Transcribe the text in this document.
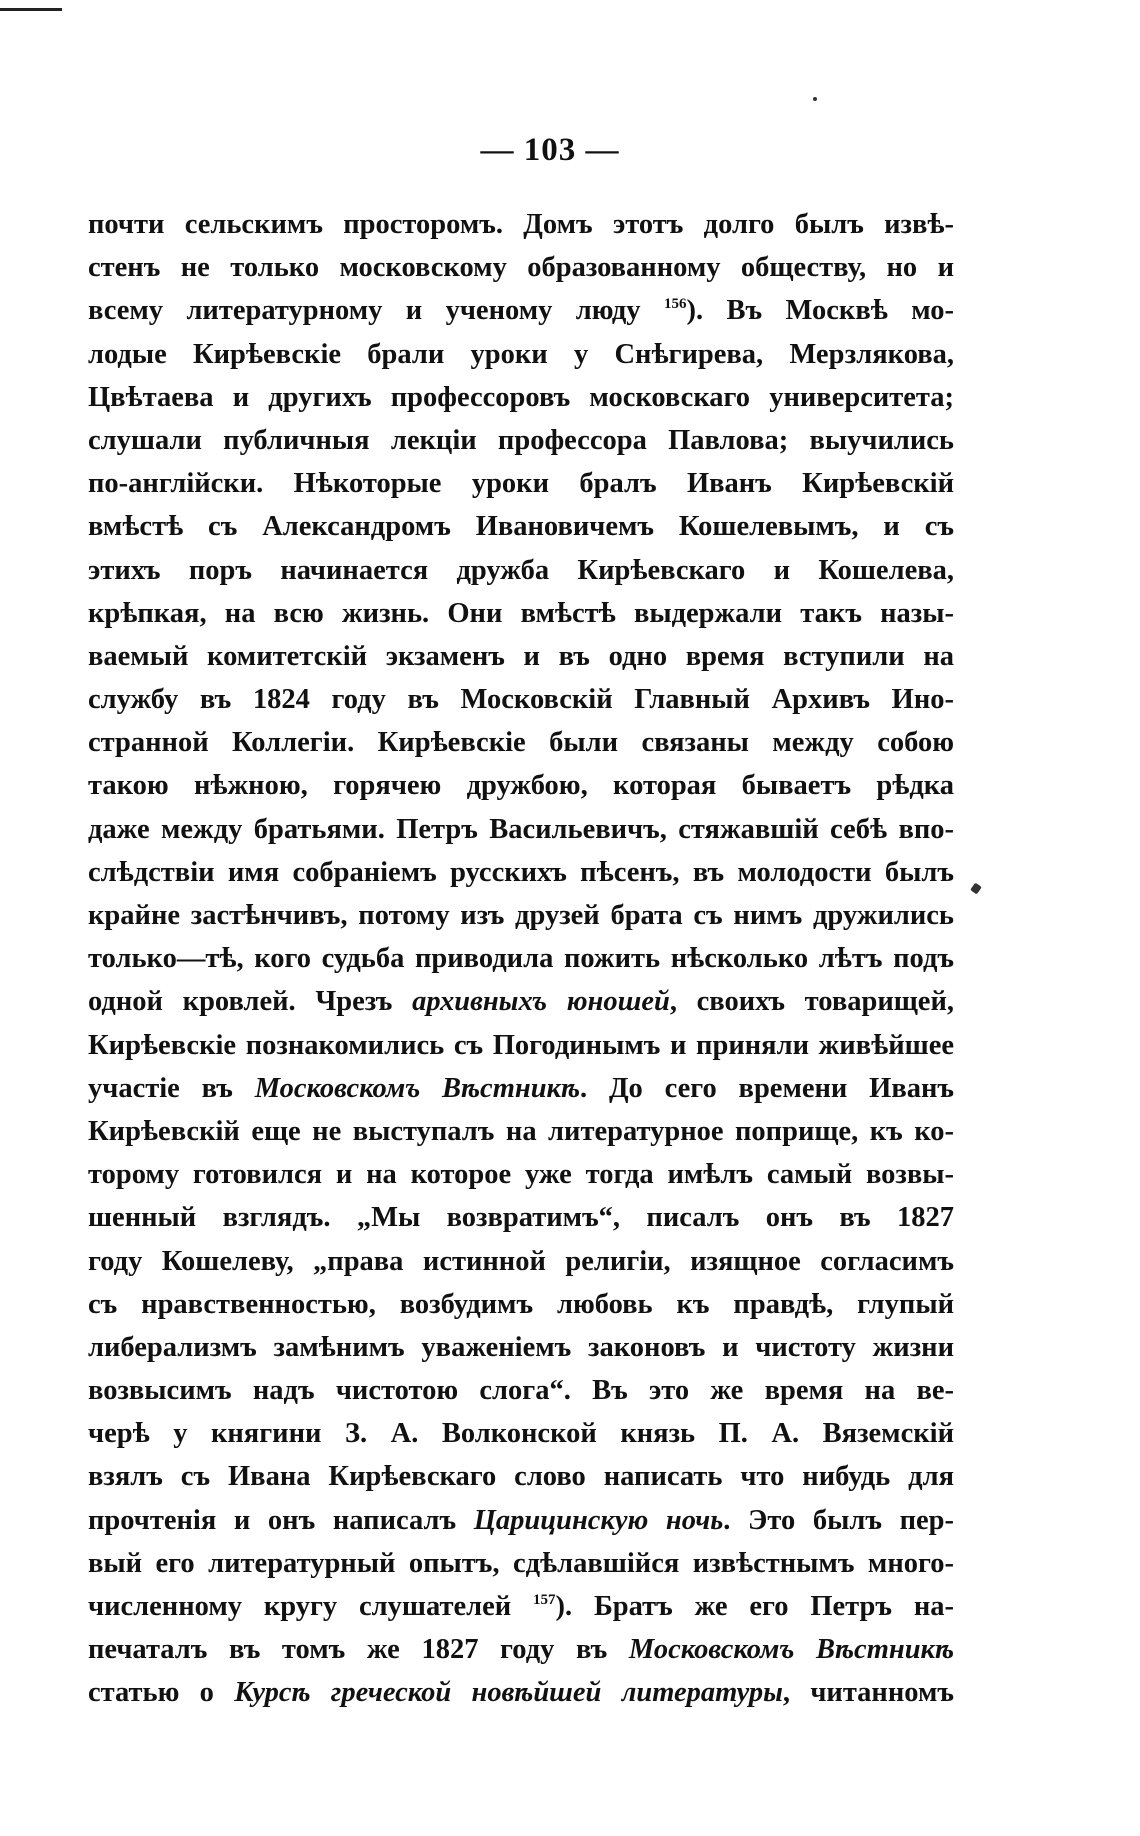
— 103 —
почти сельскимъ просторомъ. Домъ этотъ долго былъ извѣ-
стенъ не только московскому образованному обществу, но и
всему литературному и ученому люду $^{156}$). Въ Москвѣ мо-
лодые Кирѣевскіе брали уроки у Снѣгирева, Мерзлякова,
Цвѣтаева и другихъ профессоровъ московскаго университета;
слушали публичныя лекціи профессора Павлова; выучились
по-англійски. Нѣкоторые уроки бралъ Иванъ Кирѣевскій
вмѣстѣ съ Александромъ Ивановичемъ Кошелевымъ, и съ
этихъ поръ начинается дружба Кирѣевскаго и Кошелева,
крѣпкая, на всю жизнь. Они вмѣстѣ выдержали такъ назы-
ваемый комитетскій экзаменъ и въ одно время вступили на
службу въ 1824 году въ Московскій Главный Архивъ Ино-
странной Коллегіи. Кирѣевскіе были связаны между собою
такою нѣжною, горячею дружбою, которая бываетъ рѣдка
даже между братьями. Петръ Васильевичъ, стяжавшій себѣ впо-
слѣдствіи имя собраніемъ русскихъ пѣсенъ, въ молодости былъ
крайне застѣнчивъ, потому изъ друзей брата съ нимъ дружились
только—тѣ, кого судьба приводила пожить нѣсколько лѣтъ подъ
одной кровлей. Чрезъ архивныхъ юношей, своихъ товарищей,
Кирѣевскіе познакомились съ Погодинымъ и приняли живѣйшее
участіе въ Московскомъ Вѣстникѣ. До сего времени Иванъ
Кирѣевскій еще не выступалъ на литературное поприще, къ ко-
торому готовился и на которое уже тогда имѣлъ самый возвы-
шенный взглядъ. „Мы возвратимъ“, писалъ онъ въ 1827
году Кошелеву, „права истинной религіи, изящное согласимъ
съ нравственностью, возбудимъ любовь къ правдѣ, глупый
либерализмъ замѣнимъ уваженіемъ законовъ и чистоту жизни
возвысимъ надъ чистотою слога“. Въ это же время на ве-
черѣ у княгини З. А. Волконской князь П. А. Вяземскій
взялъ съ Ивана Кирѣевскаго слово написать что нибудь для
прочтенія и онъ написалъ Царицинскую ночь. Это былъ пер-
вый его литературный опытъ, сдѣлавшійся извѣстнымъ много-
численному кругу слушателей $^{157}$). Братъ же его Петръ на-
печаталъ въ томъ же 1827 году въ Московскомъ Вѣстникѣ
статью о Курсѣ греческой новѣйшей литературы, читанномъ
